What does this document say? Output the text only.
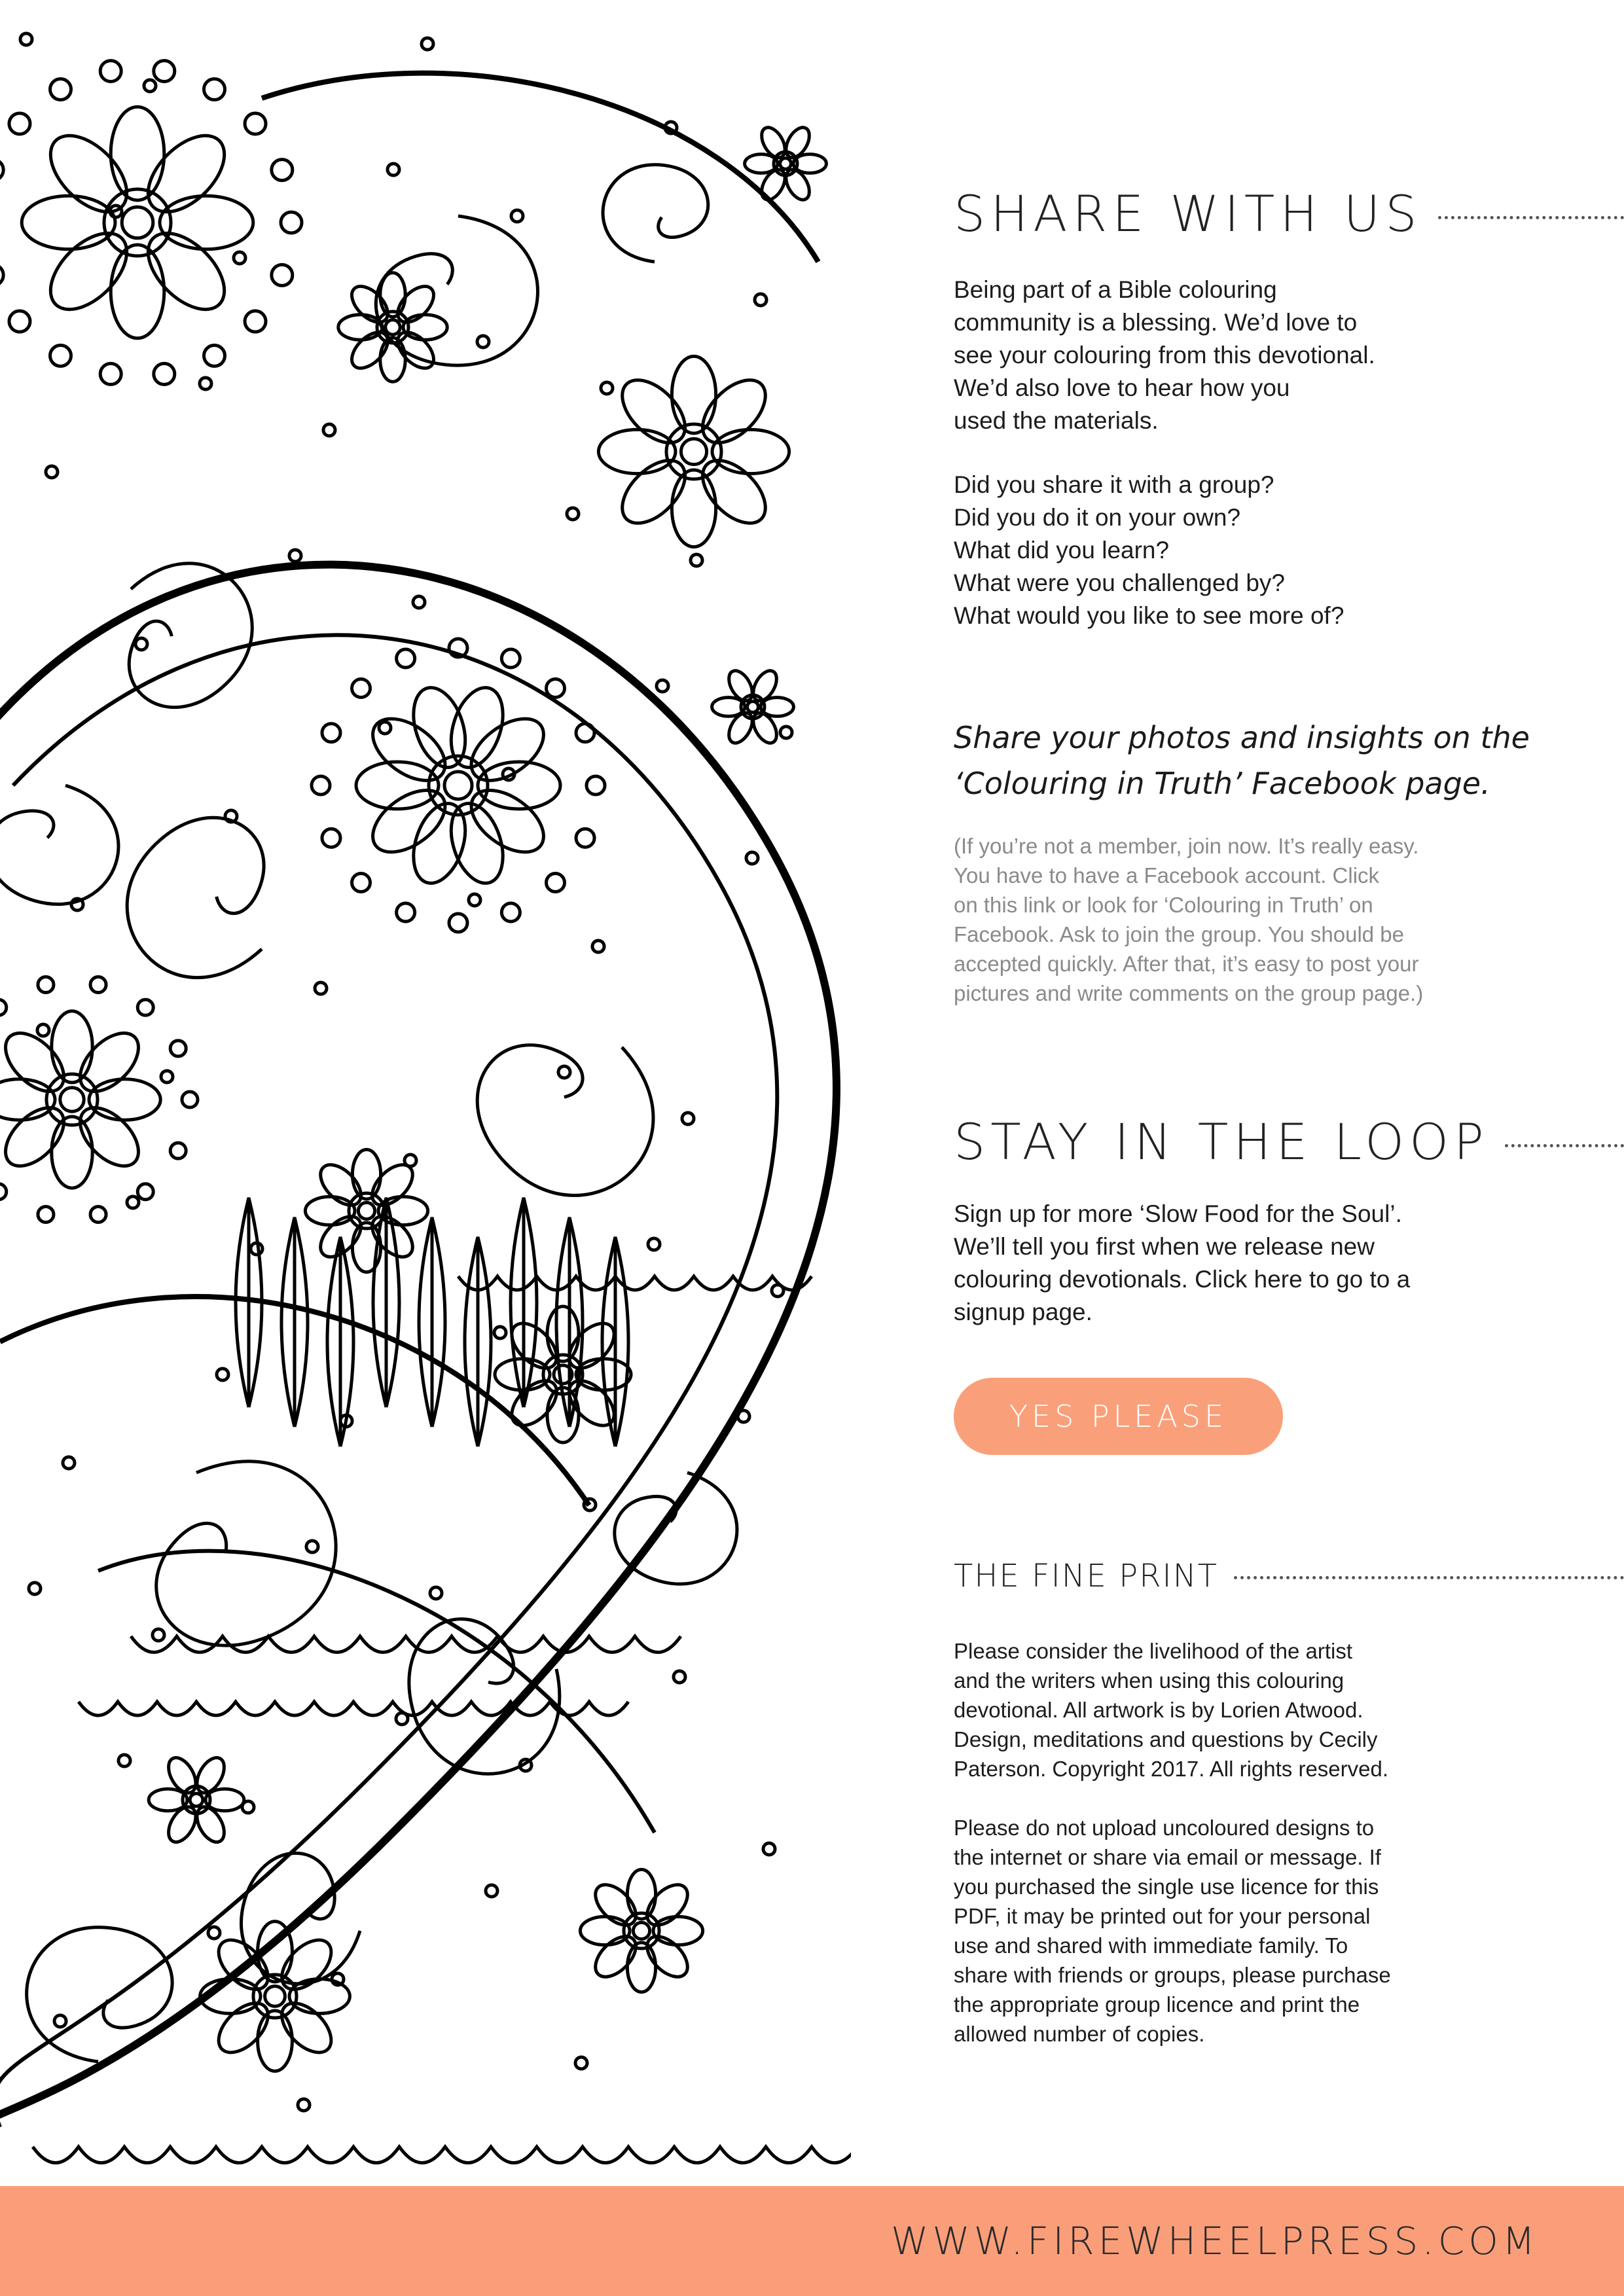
SHARE WITH US

Being part of a Bible colouring
community is a blessing. We’d love to
see your colouring from this devotional.
We’d also love to hear how you
used the materials.

Did you share it with a group?
Did you do it on your own?
What did you learn?
What were you challenged by?
What would you like to see more of?

Share your photos and insights on the
‘Colouring in Truth’ Facebook page.

(If you’re not a member, join now. It’s really easy.
You have to have a Facebook account. Click
on this link or look for ‘Colouring in Truth’ on
Facebook. Ask to join the group. You should be
accepted quickly. After that, it’s easy to post your
pictures and write comments on the group page.)

STAY IN THE LOOP

Sign up for more ‘Slow Food for the Soul’.
We’ll tell you first when we release new
colouring devotionals. Click here to go to a
signup page.

YES PLEASE
THE FINE PRINT

Please consider the livelihood of the artist
and the writers when using this colouring
devotional. All artwork is by Lorien Atwood.
Design, meditations and questions by Cecily
Paterson. Copyright 2017. All rights reserved.

Please do not upload uncoloured designs to
the internet or share via email or message. If
you purchased the single use licence for this
PDF, it may be printed out for your personal
use and shared with immediate family. To
share with friends or groups, please purchase
the appropriate group licence and print the
allowed number of copies.

WWW.FIREWHEELPRESS.COM
